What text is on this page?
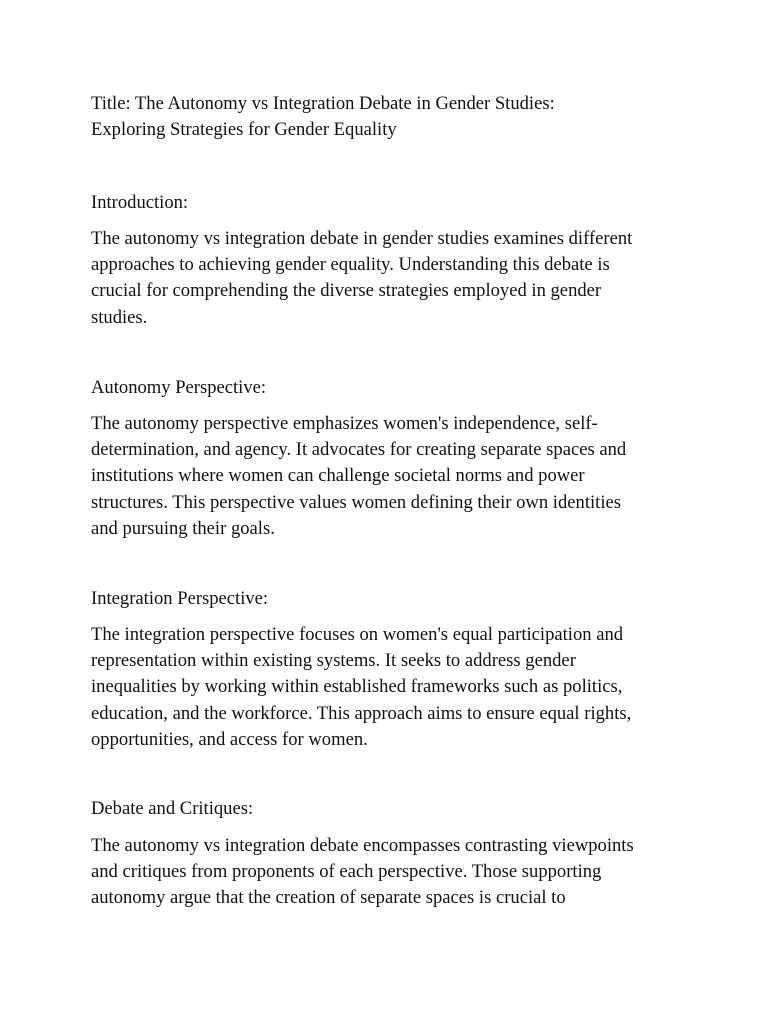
Title: The Autonomy vs Integration Debate in Gender Studies:
Exploring Strategies for Gender Equality
Introduction:
The autonomy vs integration debate in gender studies examines different
approaches to achieving gender equality. Understanding this debate is
crucial for comprehending the diverse strategies employed in gender
studies.
Autonomy Perspective:
The autonomy perspective emphasizes women's independence, self-
determination, and agency. It advocates for creating separate spaces and
institutions where women can challenge societal norms and power
structures. This perspective values women defining their own identities
and pursuing their goals.
Integration Perspective:
The integration perspective focuses on women's equal participation and
representation within existing systems. It seeks to address gender
inequalities by working within established frameworks such as politics,
education, and the workforce. This approach aims to ensure equal rights,
opportunities, and access for women.
Debate and Critiques:
The autonomy vs integration debate encompasses contrasting viewpoints
and critiques from proponents of each perspective. Those supporting
autonomy argue that the creation of separate spaces is crucial to
